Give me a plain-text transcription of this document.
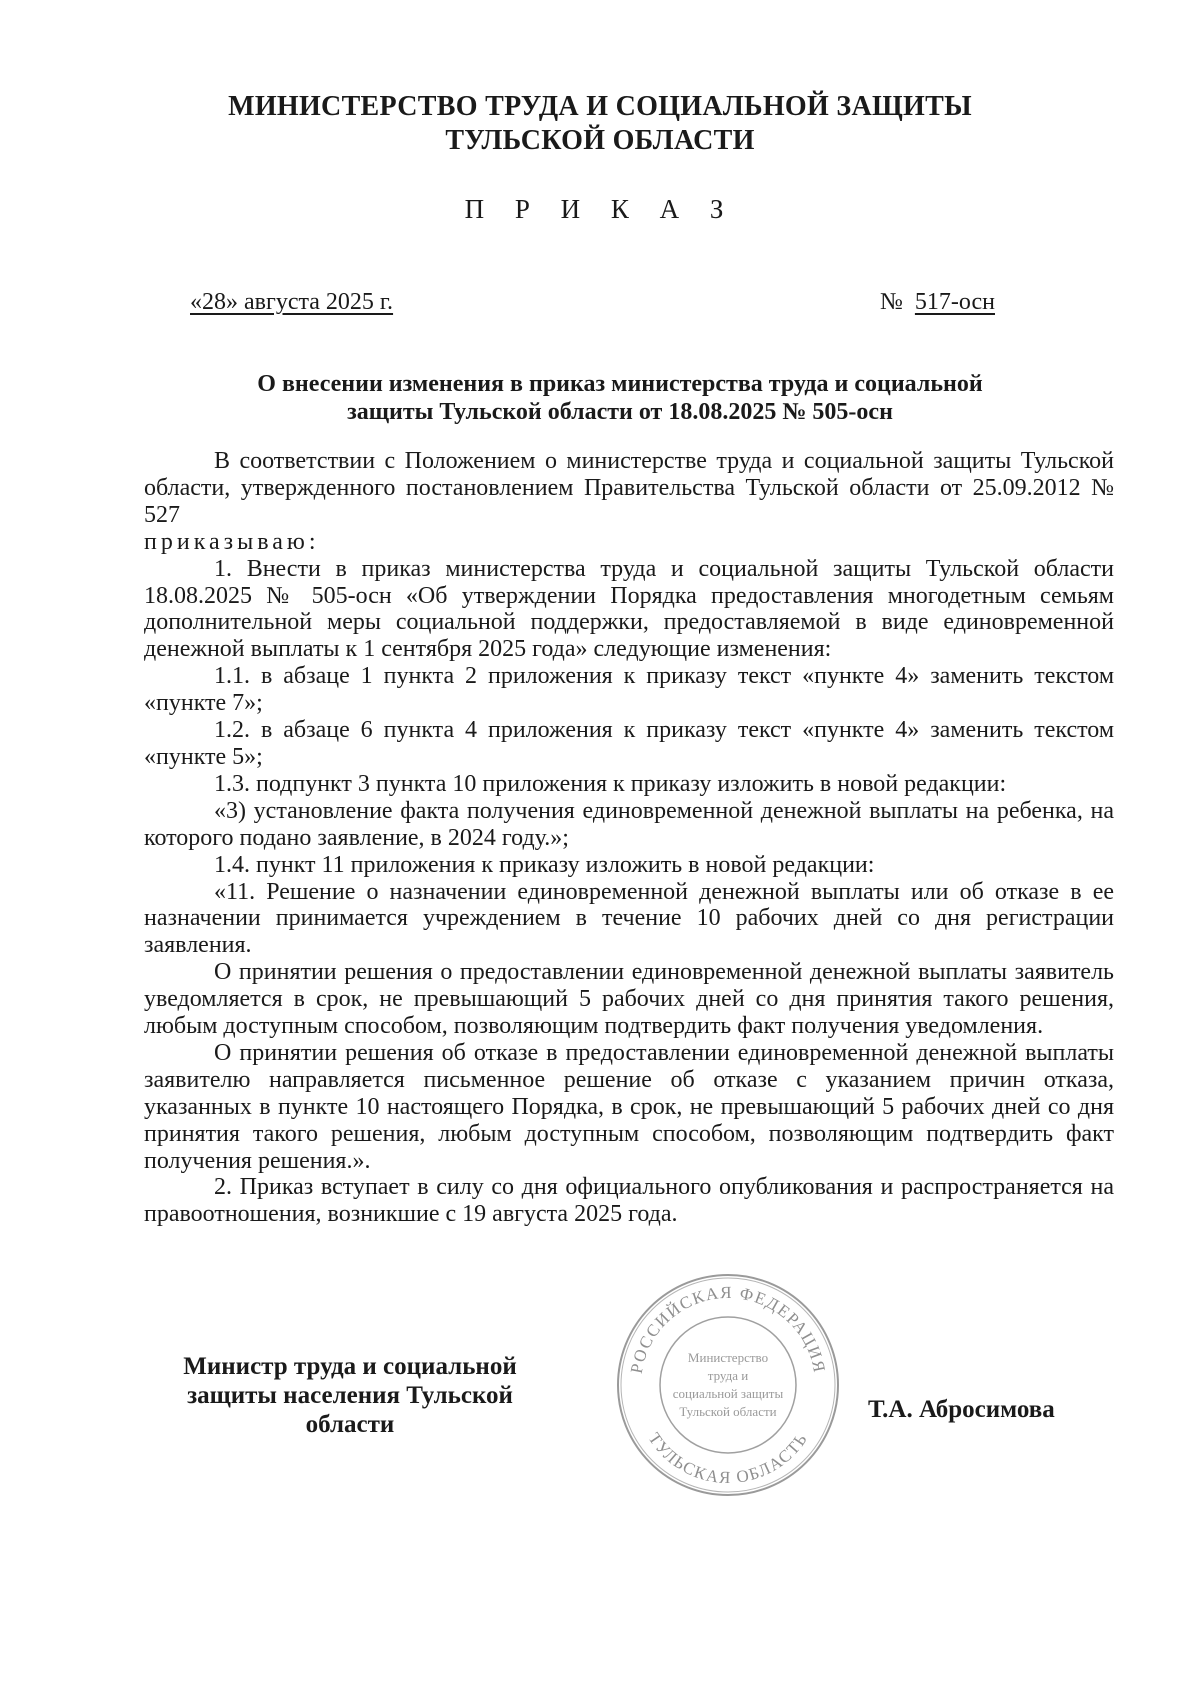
МИНИСТЕРСТВО ТРУДА И СОЦИАЛЬНОЙ ЗАЩИТЫ
ТУЛЬСКОЙ ОБЛАСТИ
П Р И К А З
«28» августа 2025 г.	№ 517-осн
О внесении изменения в приказ министерства труда и социальной
защиты Тульской области от 18.08.2025 № 505-осн

В соответствии с Положением о министерстве труда и социальной защиты Тульской области, утвержденного постановлением Правительства Тульской области от 25.09.2012 № 527

приказываю:

1. Внести в приказ министерства труда и социальной защиты Тульской области 18.08.2025 № 505-осн «Об утверждении Порядка предоставления многодетным семьям дополнительной меры социальной поддержки, предоставляемой в виде единовременной денежной выплаты к 1 сентября 2025 года» следующие изменения:

1.1. в абзаце 1 пункта 2 приложения к приказу текст «пункте 4» заменить текстом «пункте 7»;

1.2. в абзаце 6 пункта 4 приложения к приказу текст «пункте 4» заменить текстом «пункте 5»;

1.3. подпункт 3 пункта 10 приложения к приказу изложить в новой редакции:

«3) установление факта получения единовременной денежной выплаты на ребенка, на которого подано заявление, в 2024 году.»;

1.4. пункт 11 приложения к приказу изложить в новой редакции:

«11. Решение о назначении единовременной денежной выплаты или об отказе в ее назначении принимается учреждением в течение 10 рабочих дней со дня регистрации заявления.

О принятии решения о предоставлении единовременной денежной выплаты заявитель уведомляется в срок, не превышающий 5 рабочих дней со дня принятия такого решения, любым доступным способом, позволяющим подтвердить факт получения уведомления.

О принятии решения об отказе в предоставлении единовременной денежной выплаты заявителю направляется письменное решение об отказе с указанием причин отказа, указанных в пункте 10 настоящего Порядка, в срок, не превышающий 5 рабочих дней со дня принятия такого решения, любым доступным способом, позволяющим подтвердить факт получения решения.».

2. Приказ вступает в силу со дня официального опубликования и распространяется на правоотношения, возникшие с 19 августа 2025 года.

Министр труда и социальной
защиты населения Тульской
области
РОССИЙСКАЯ ФЕДЕРАЦИЯ
ТУЛЬСКАЯ ОБЛАСТЬ
Министерство
труда и
социальной защиты
Тульской области	Т.А. Абросимова
